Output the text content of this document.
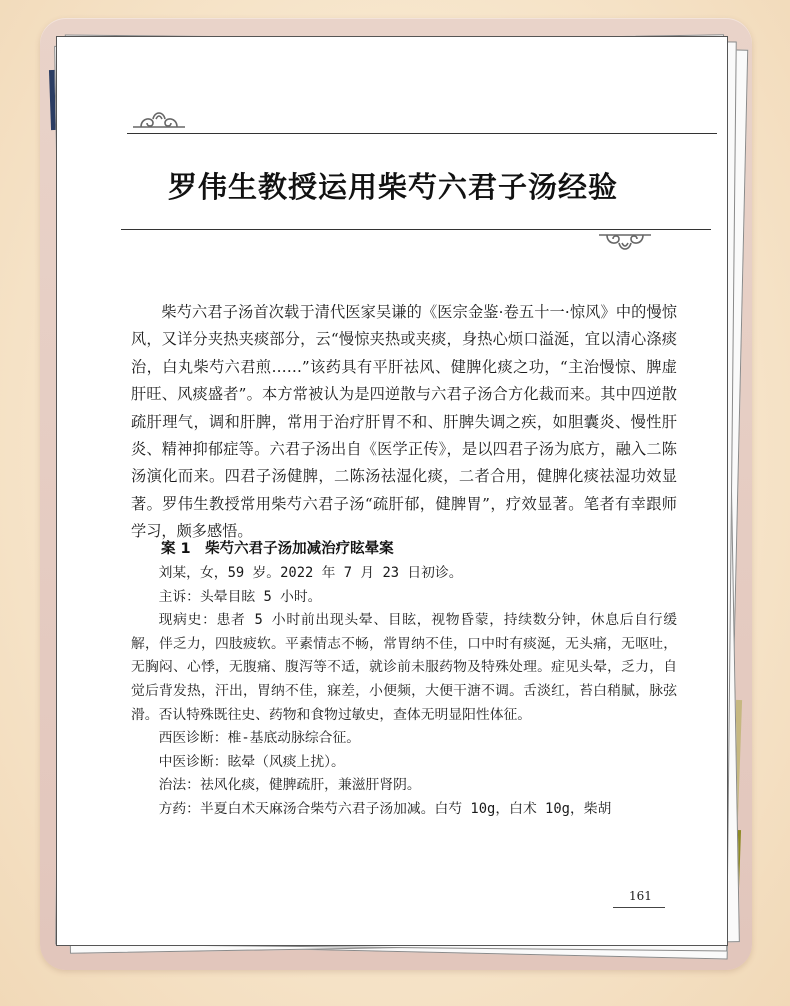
罗伟生教授运用柴芍六君子汤经验

柴芍六君子汤首次载于清代医家吴谦的《医宗金鉴·卷五十一·惊风》中的慢惊风，又详分夹热夹痰部分，云“慢惊夹热或夹痰，身热心烦口溢涎，宜以清心涤痰治，白丸柴芍六君煎……”该药具有平肝祛风、健脾化痰之功，“主治慢惊、脾虚肝旺、风痰盛者”。本方常被认为是四逆散与六君子汤合方化裁而来。其中四逆散疏肝理气，调和肝脾，常用于治疗肝胃不和、肝脾失调之疾，如胆囊炎、慢性肝炎、精神抑郁症等。六君子汤出自《医学正传》，是以四君子汤为底方，融入二陈汤演化而来。四君子汤健脾，二陈汤祛湿化痰，二者合用，健脾化痰祛湿功效显著。罗伟生教授常用柴芍六君子汤“疏肝郁，健脾胃”，疗效显著。笔者有幸跟师学习，颇多感悟。

案 1　柴芍六君子汤加减治疗眩晕案

刘某，女，59 岁。2022 年 7 月 23 日初诊。

主诉：头晕目眩 5 小时。

现病史：患者 5 小时前出现头晕、目眩，视物昏蒙，持续数分钟，休息后自行缓解，伴乏力，四肢疲软。平素情志不畅，常胃纳不佳，口中时有痰涎，无头痛，无呕吐，无胸闷、心悸，无腹痛、腹泻等不适，就诊前未服药物及特殊处理。症见头晕，乏力，自觉后背发热，汗出，胃纳不佳，寐差，小便频，大便干溏不调。舌淡红，苔白稍腻，脉弦滑。否认特殊既往史、药物和食物过敏史，查体无明显阳性体征。

西医诊断：椎-基底动脉综合征。

中医诊断：眩晕（风痰上扰）。

治法：祛风化痰，健脾疏肝，兼滋肝肾阴。

方药：半夏白术天麻汤合柴芍六君子汤加减。白芍 10g，白术 10g，柴胡

161
